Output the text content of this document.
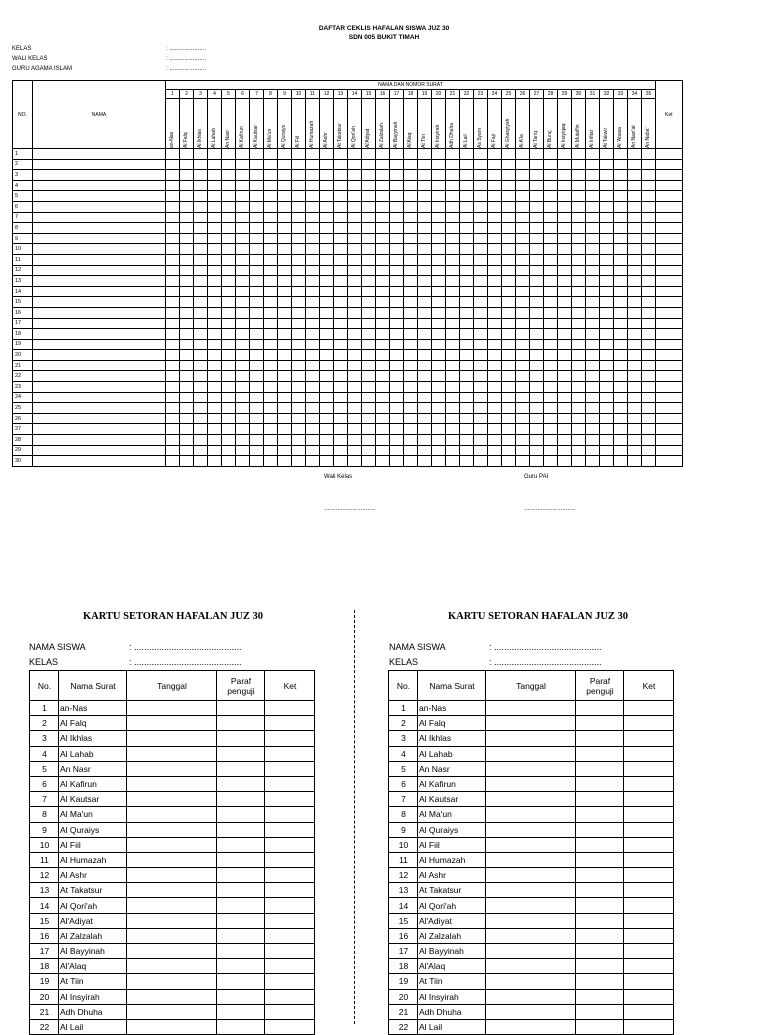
DAFTAR CEKLIS HAFALAN SISWA JUZ 30
SDN 005 BUKIT TIMAH
KELAS	: ......................
WALI KELAS	: ......................
GURU AGAMA ISLAM	: ......................
NO.	NAMA	NAMA DAN NOMOR SURAT																																			Ket
		1	2	3	4	5	6	7	8	9	10	11	12	13	14	15	16	17	18	19	20	21	22	23	24	25	26	27	28	29	30	31	32	33	34	35	

		an-Nas	Al Falq	Al Ikhlas	Al Lahab	An Nasr	Al Kafirun	Al Kautsar	Al Ma'un	Al Quraiys	Al Fiil	Al Humazah	Al Ashr	At Takatsur	Al Qori'ah	Al'Adiyat	Al Zalzalah	Al Bayyinah	Al'Alaq	At Tiin	Al Insyirah	Adh Dhuha	Al Lail	As Syam	Al Fajr	Al Ghasyiyah	Al A'la	At Tariq	Al Buruj	Al Insyiqaq	Al Mutaffin	Al Infitar	At Takwir	Al 'Abasa	An Nazi'at	An Naba'	

1																																					
2																																					
3																																					
4																																					
5																																					
6																																					
7																																					
8																																					
9																																					
10																																					
11																																					
12																																					
13																																					
14																																					
15																																					
16																																					
17																																					
18																																					
19																																					
20																																					
21																																					
22																																					
23																																					
24																																					
25																																					
26																																					
27																																					
28																																					
29																																					
30																																					
Wali Kelas	Guru PAI
...............................	...............................
KARTU SETORAN HAFALAN JUZ 30
NAMA SISWA	: ...........................................
KELAS	: ...........................................
KARTU SETORAN HAFALAN JUZ 30
NAMA SISWA	: ...........................................
KELAS	: ...........................................
No.	Nama Surat	Tanggal	Paraf penguji	Ket
1	an-Nas			
2	Al Falq			
3	Al Ikhlas			
4	Al Lahab			
5	An Nasr			
6	Al Kafirun			
7	Al Kautsar			
8	Al Ma'un			
9	Al Quraiys			
10	Al Fiil			
11	Al Humazah			
12	Al Ashr			
13	At Takatsur			
14	Al Qori'ah			
15	Al'Adiyat			
16	Al Zalzalah			
17	Al Bayyinah			
18	Al'Alaq			
19	At Tiin			
20	Al Insyirah			
21	Adh Dhuha			
22	Al Lail			
No.	Nama Surat	Tanggal	Paraf penguji	Ket
1	an-Nas			
2	Al Falq			
3	Al Ikhlas			
4	Al Lahab			
5	An Nasr			
6	Al Kafirun			
7	Al Kautsar			
8	Al Ma'un			
9	Al Quraiys			
10	Al Fiil			
11	Al Humazah			
12	Al Ashr			
13	At Takatsur			
14	Al Qori'ah			
15	Al'Adiyat			
16	Al Zalzalah			
17	Al Bayyinah			
18	Al'Alaq			
19	At Tiin			
20	Al Insyirah			
21	Adh Dhuha			
22	Al Lail			
